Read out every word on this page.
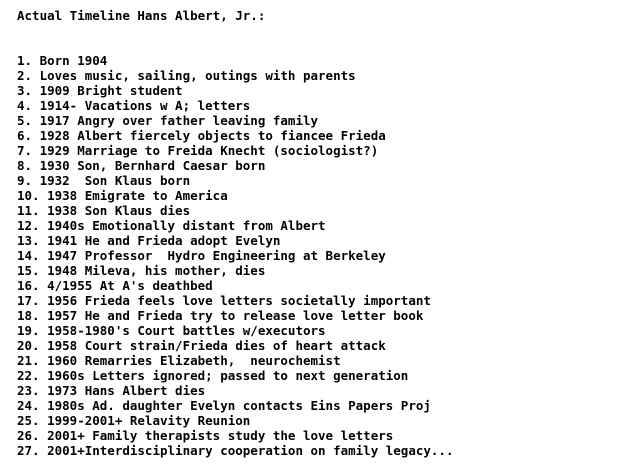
Actual Timeline Hans Albert, Jr.:
1. Born 1904
2. Loves music, sailing, outings with parents
3. 1909 Bright student
4. 1914- Vacations w A; letters
5. 1917 Angry over father leaving family
6. 1928 Albert fiercely objects to fiancee Frieda
7. 1929 Marriage to Freida Knecht (sociologist?)
8. 1930 Son, Bernhard Caesar born
9. 1932  Son Klaus born
10. 1938 Emigrate to America
11. 1938 Son Klaus dies
12. 1940s Emotionally distant from Albert
13. 1941 He and Frieda adopt Evelyn
14. 1947 Professor  Hydro Engineering at Berkeley
15. 1948 Mileva, his mother, dies
16. 4/1955 At A's deathbed
17. 1956 Frieda feels love letters societally important
18. 1957 He and Frieda try to release love letter book
19. 1958-1980's Court battles w/executors
20. 1958 Court strain/Frieda dies of heart attack
21. 1960 Remarries Elizabeth,  neurochemist
22. 1960s Letters ignored; passed to next generation
23. 1973 Hans Albert dies
24. 1980s Ad. daughter Evelyn contacts Eins Papers Proj
25. 1999-2001+ Relavity Reunion
26. 2001+ Family therapists study the love letters
27. 2001+Interdisciplinary cooperation on family legacy...
